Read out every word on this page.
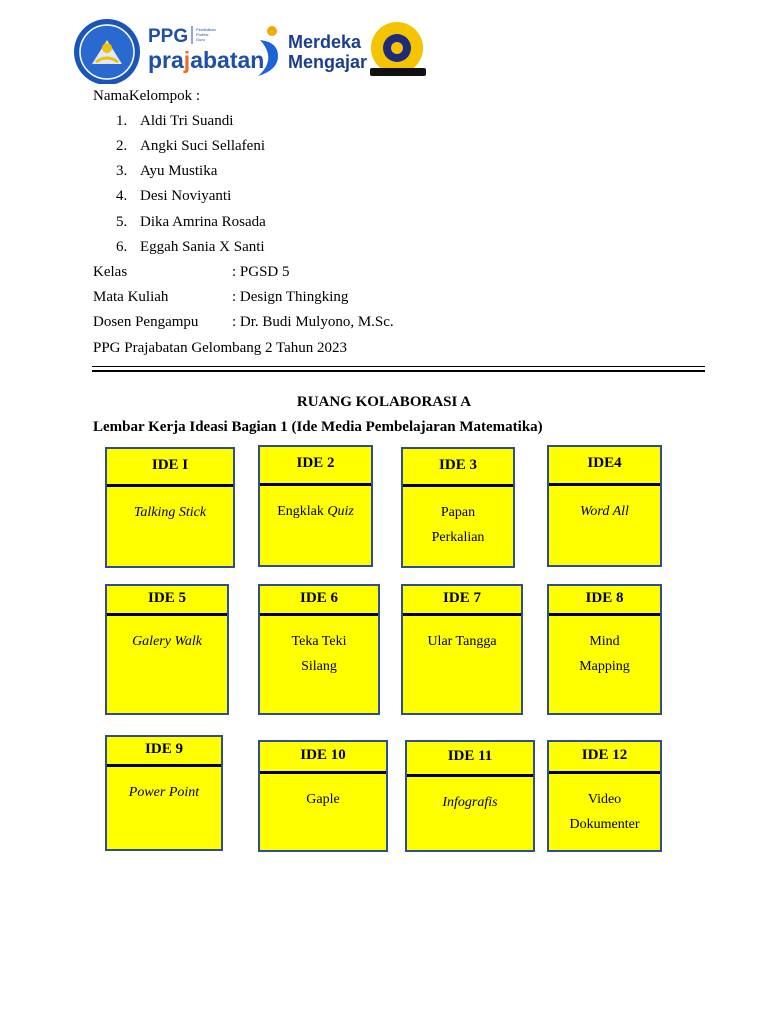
PPG Pendidikan
Profesi
Guru
prajabatan
Merdeka
Mengajar
NamaKelompok :
1. Aldi Tri Suandi
2. Angki Suci Sellafeni
3. Ayu Mustika
4. Desi Noviyanti
5. Dika Amrina Rosada
6. Eggah Sania X Santi
Kelas	: PGSD 5
Mata Kuliah	: Design Thingking
Dosen Pengampu : Dr. Budi Mulyono, M.Sc.
PPG Prajabatan Gelombang 2 Tahun 2023
RUANG KOLABORASI A
Lembar Kerja Ideasi Bagian 1 (Ide Media Pembelajaran Matematika)
IDE I
Talking Stick
IDE 2
Engklak Quiz
IDE 3
Papan
Perkalian
IDE4
Word All
IDE 5
Galery Walk
IDE 6
Teka Teki
Silang
IDE 7
Ular Tangga
IDE 8
Mind
Mapping
IDE 9
Power Point
IDE 10
Gaple
IDE 11
Infografis
IDE 12
Video
Dokumenter
